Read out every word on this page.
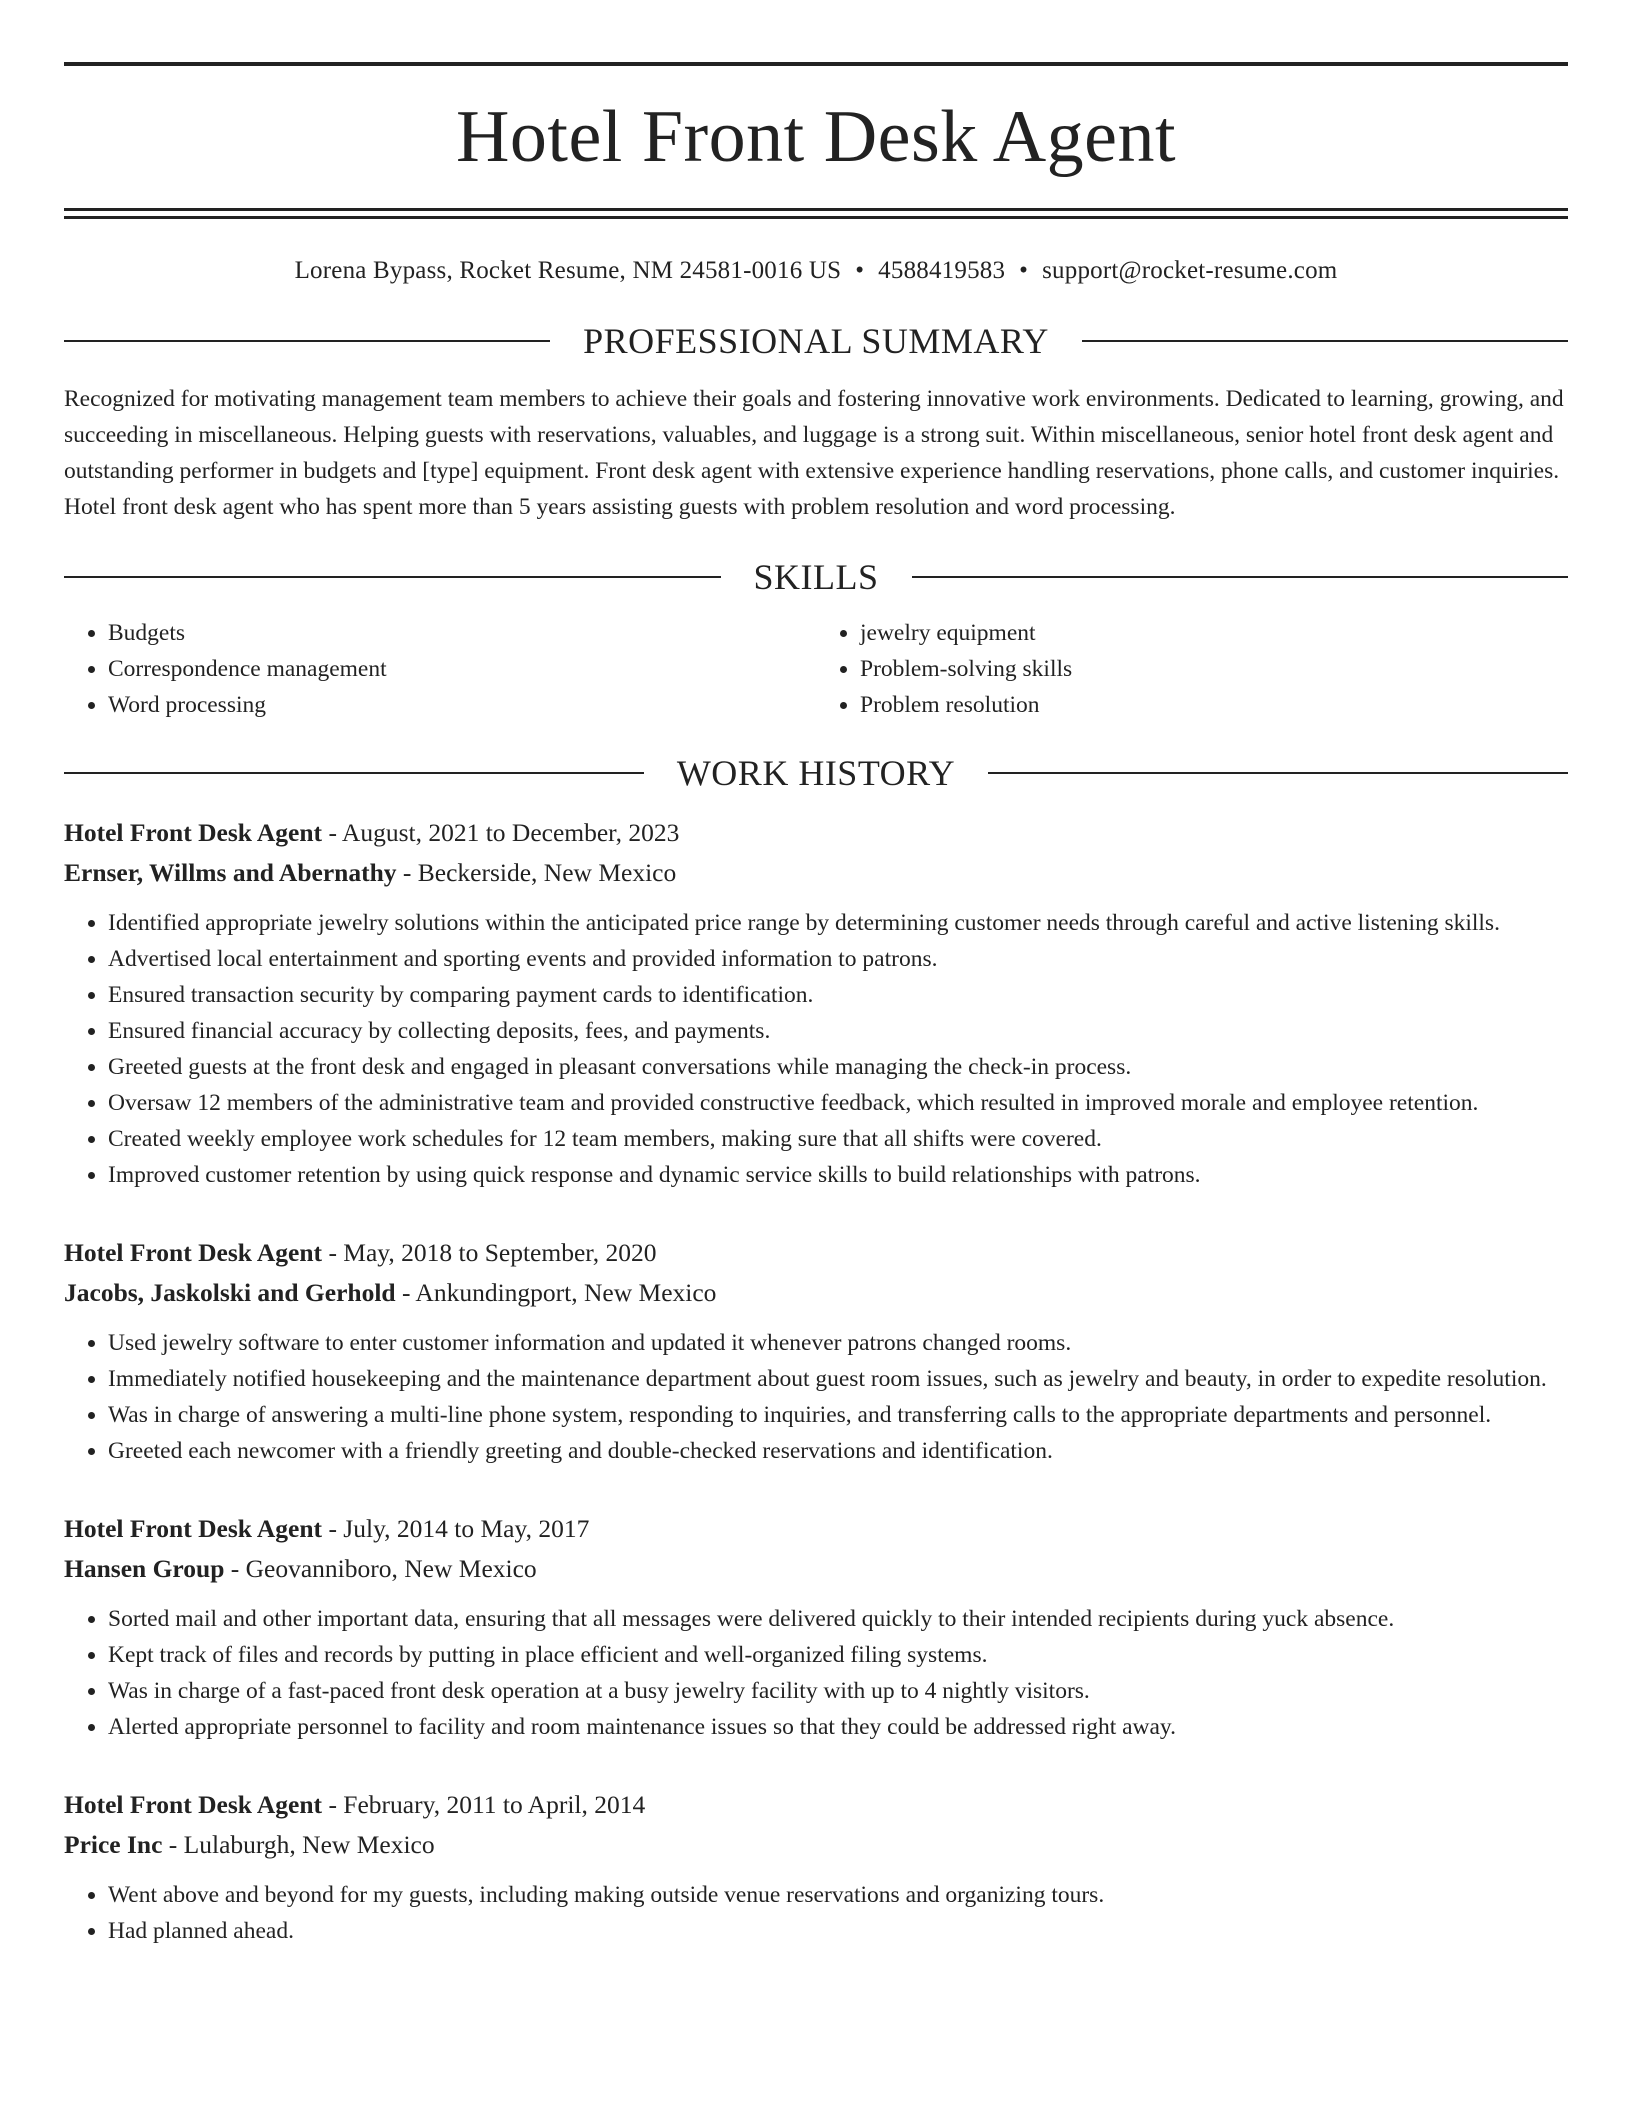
Hotel Front Desk Agent
Lorena Bypass, Rocket Resume, NM 24581-0016 US • 4588419583 • support@rocket-resume.com
PROFESSIONAL SUMMARY

Recognized for motivating management team members to achieve their goals and fostering innovative work environments. Dedicated to learning, growing, and succeeding in miscellaneous. Helping guests with reservations, valuables, and luggage is a strong suit. Within miscellaneous, senior hotel front desk agent and outstanding performer in budgets and [type] equipment. Front desk agent with extensive experience handling reservations, phone calls, and customer inquiries. Hotel front desk agent who has spent more than 5 years assisting guests with problem resolution and word processing.

SKILLS
• Budgets
• Correspondence management
• Word processing
• jewelry equipment
• Problem-solving skills
• Problem resolution
WORK HISTORY
Hotel Front Desk Agent - August, 2021 to December, 2023
Ernser, Willms and Abernathy - Beckerside, New Mexico
• Identified appropriate jewelry solutions within the anticipated price range by determining customer needs through careful and active listening skills.
• Advertised local entertainment and sporting events and provided information to patrons.
• Ensured transaction security by comparing payment cards to identification.
• Ensured financial accuracy by collecting deposits, fees, and payments.
• Greeted guests at the front desk and engaged in pleasant conversations while managing the check-in process.
• Oversaw 12 members of the administrative team and provided constructive feedback, which resulted in improved morale and employee retention.
• Created weekly employee work schedules for 12 team members, making sure that all shifts were covered.
• Improved customer retention by using quick response and dynamic service skills to build relationships with patrons.
Hotel Front Desk Agent - May, 2018 to September, 2020
Jacobs, Jaskolski and Gerhold - Ankundingport, New Mexico
• Used jewelry software to enter customer information and updated it whenever patrons changed rooms.
• Immediately notified housekeeping and the maintenance department about guest room issues, such as jewelry and beauty, in order to expedite resolution.
• Was in charge of answering a multi-line phone system, responding to inquiries, and transferring calls to the appropriate departments and personnel.
• Greeted each newcomer with a friendly greeting and double-checked reservations and identification.
Hotel Front Desk Agent - July, 2014 to May, 2017
Hansen Group - Geovanniboro, New Mexico
• Sorted mail and other important data, ensuring that all messages were delivered quickly to their intended recipients during yuck absence.
• Kept track of files and records by putting in place efficient and well-organized filing systems.
• Was in charge of a fast-paced front desk operation at a busy jewelry facility with up to 4 nightly visitors.
• Alerted appropriate personnel to facility and room maintenance issues so that they could be addressed right away.
Hotel Front Desk Agent - February, 2011 to April, 2014
Price Inc - Lulaburgh, New Mexico
• Went above and beyond for my guests, including making outside venue reservations and organizing tours.
• Had planned ahead.
